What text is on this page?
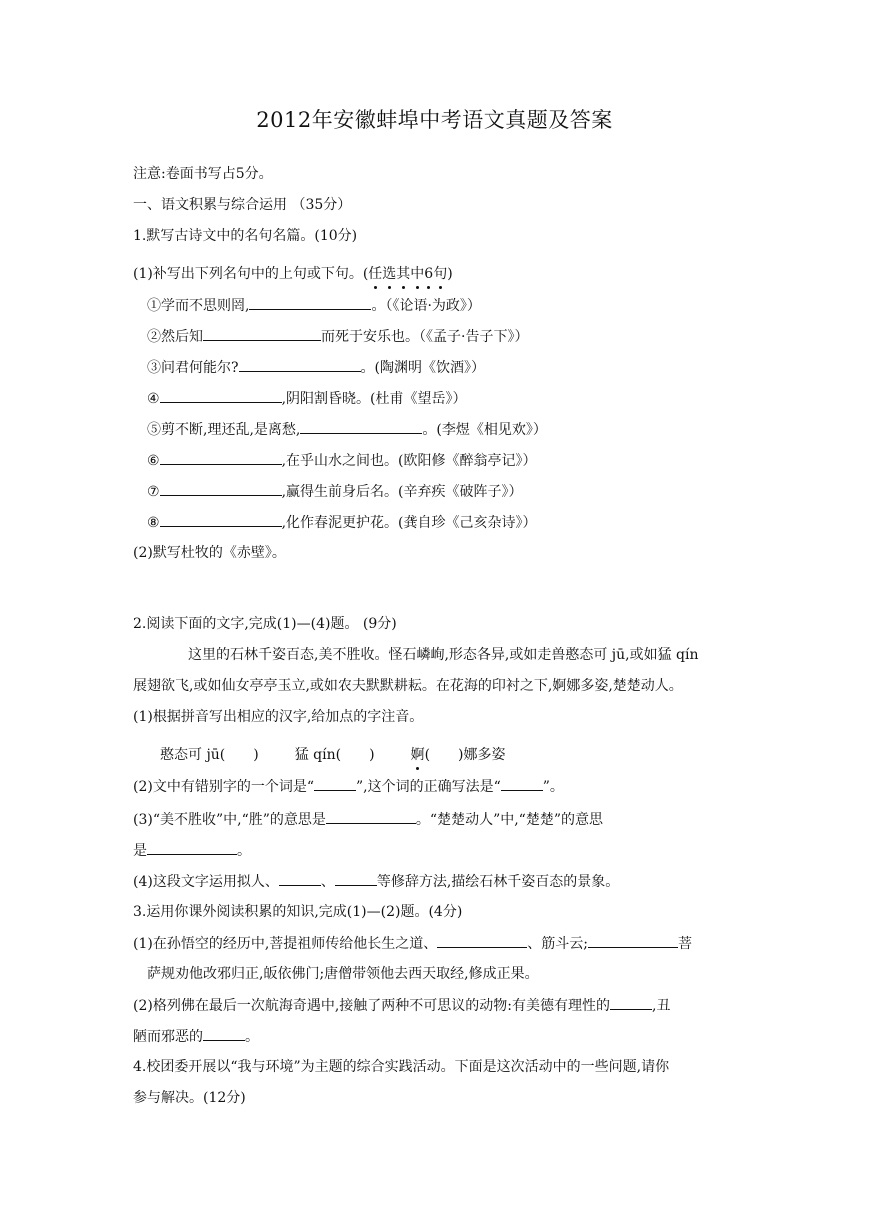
2012年安徽蚌埠中考语文真题及答案
注意:卷面书写占5分。
一、语文积累与综合运用 （35分）
1.默写古诗文中的名句名篇。(10分)
(1)补写出下列名句中的上句或下句。(任选其中6句)
①学而不思则罔,	。（《论语·为政》）
②然后知	而死于安乐也。（《孟子·告子下》）
③问君何能尔?	。(陶渊明《饮酒》）
④	,阴阳割昏晓。(杜甫《望岳》）
⑤剪不断,理还乱,是离愁,	。(李煜《相见欢》）
⑥	,在乎山水之间也。(欧阳修《醉翁亭记》）
⑦	,赢得生前身后名。(辛弃疾《破阵子》）
⑧	,化作春泥更护花。(龚自珍《己亥杂诗》）
(2)默写杜牧的《赤壁》。
2.阅读下面的文字,完成(1)—(4)题。 (9分)
这里的石林千姿百态,美不胜收。怪石嶙峋,形态各异,或如走兽憨态可 jū,或如猛 qín
展翅欲飞,或如仙女亭亭玉立,或如农夫默默耕耘。在花海的印衬之下,婀娜多姿,楚楚动人。
(1)根据拼音写出相应的汉字,给加点的字注音。
憨态可 jū(　　)	猛 qín(　　)	婀(　　)娜多姿
(2)文中有错别字的一个词是“	”,这个词的正确写法是“	”。
(3)“美不胜收”中,“胜”的意思是	。“楚楚动人”中,“楚楚”的意思
是	。
(4)这段文字运用拟人、	、	等修辞方法,描绘石林千姿百态的景象。
3.运用你课外阅读积累的知识,完成(1)—(2)题。(4分)
(1)在孙悟空的经历中,菩提祖师传给他长生之道、	、筋斗云;	菩
萨规劝他改邪归正,皈依佛门;唐僧带领他去西天取经,修成正果。
(2)格列佛在最后一次航海奇遇中,接触了两种不可思议的动物:有美德有理性的	,丑
陋而邪恶的	。
4.校团委开展以“我与环境”为主题的综合实践活动。下面是这次活动中的一些问题,请你
参与解决。(12分)
